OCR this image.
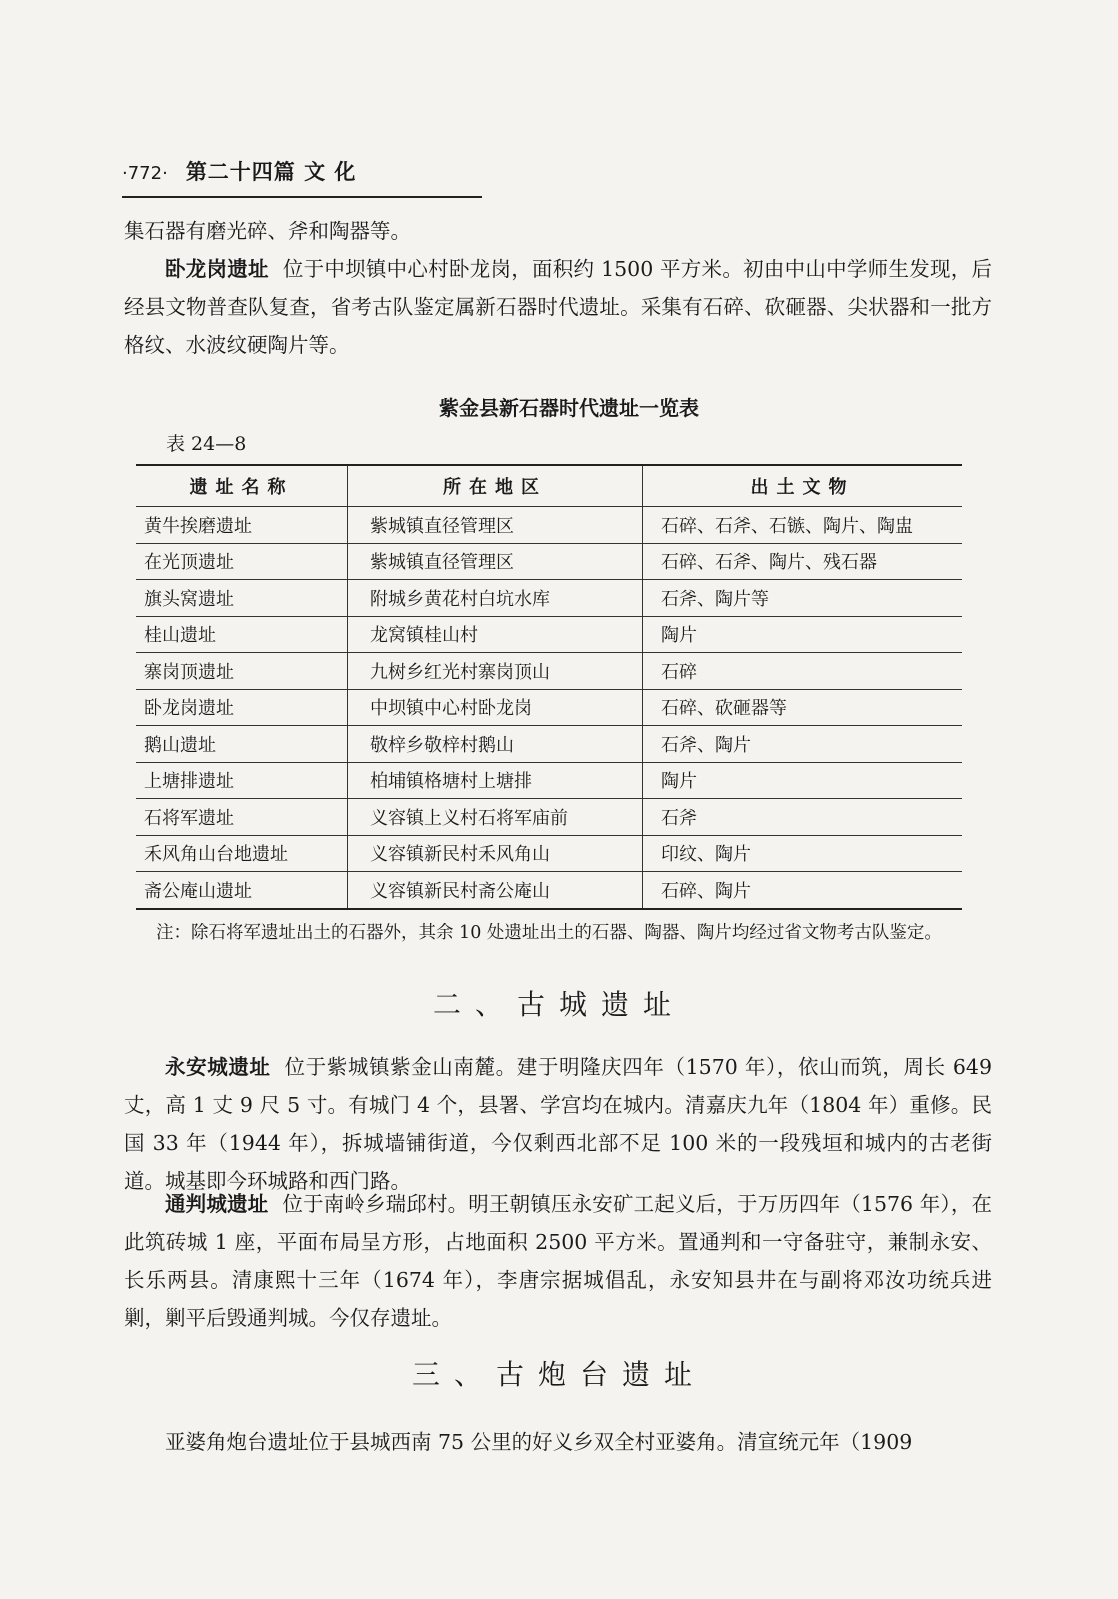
·772· 第二十四篇 文 化
集石器有磨光碎、斧和陶器等。
卧龙岗遗址 位于中坝镇中心村卧龙岗，面积约 1500 平方米。初由中山中学师生发现，后经县文物普查队复查，省考古队鉴定属新石器时代遗址。采集有石碎、砍砸器、尖状器和一批方格纹、水波纹硬陶片等。
紫金县新石器时代遗址一览表
表 24—8
遗址名称	所在地区	出土文物
黄牛挨磨遗址	紫城镇直径管理区	石碎、石斧、石镞、陶片、陶盅
在光顶遗址	紫城镇直径管理区	石碎、石斧、陶片、残石器
旗头窝遗址	附城乡黄花村白坑水库	石斧、陶片等
桂山遗址	龙窝镇桂山村	陶片
寨岗顶遗址	九树乡红光村寨岗顶山	石碎
卧龙岗遗址	中坝镇中心村卧龙岗	石碎、砍砸器等
鹅山遗址	敬梓乡敬梓村鹅山	石斧、陶片
上塘排遗址	柏埔镇格塘村上塘排	陶片
石将军遗址	义容镇上义村石将军庙前	石斧
禾风角山台地遗址	义容镇新民村禾风角山	印纹、陶片
斋公庵山遗址	义容镇新民村斋公庵山	石碎、陶片
注：除石将军遗址出土的石器外，其余 10 处遗址出土的石器、陶器、陶片均经过省文物考古队鉴定。
二、古城遗址
永安城遗址 位于紫城镇紫金山南麓。建于明隆庆四年（1570 年），依山而筑，周长 649 丈，高 1 丈 9 尺 5 寸。有城门 4 个，县署、学宫均在城内。清嘉庆九年（1804 年）重修。民国 33 年（1944 年），拆城墙铺街道，今仅剩西北部不足 100 米的一段残垣和城内的古老街道。城基即今环城路和西门路。
通判城遗址 位于南岭乡瑞邱村。明王朝镇压永安矿工起义后，于万历四年（1576 年），在此筑砖城 1 座，平面布局呈方形，占地面积 2500 平方米。置通判和一守备驻守，兼制永安、长乐两县。清康熙十三年（1674 年），李唐宗据城倡乱，永安知县井在与副将邓汝功统兵进剿，剿平后毁通判城。今仅存遗址。
三、古炮台遗址
亚婆角炮台遗址位于县城西南 75 公里的好义乡双全村亚婆角。清宣统元年（1909
